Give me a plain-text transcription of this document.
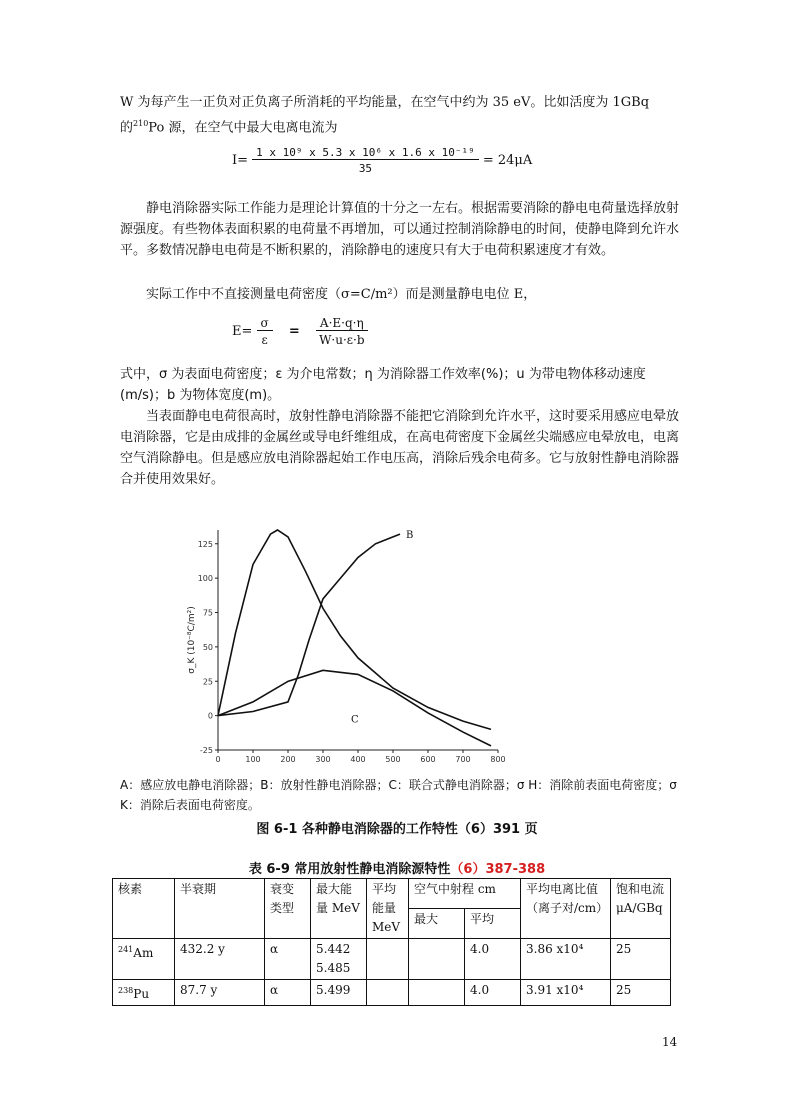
W 为每产生一正负对正负离子所消耗的平均能量，在空气中约为 35 eV。比如活度为 1GBq
的$^{210}$Po 源，在空气中最大电离电流为

$I= \frac{\text{1 x 10⁹ x 5.3 x 10⁶ x 1.6 x 10⁻¹⁹}}{35} = 24\mu A$

静电消除器实际工作能力是理论计算值的十分之一左右。根据需要消除的静电电荷量选择放射源强度。有些物体表面积累的电荷量不再增加，可以通过控制消除静电的时间，使静电降到允许水平。多数情况静电电荷是不断积累的，消除静电的速度只有大于电荷积累速度才有效。

实际工作中不直接测量电荷密度（σ=C/m²）而是测量静电电位 E，

$E= \frac{\sigma}{\varepsilon} = \frac{A\cdot E\cdot q\cdot\eta}{W\cdot u\cdot\varepsilon\cdot b}$

式中，σ 为表面电荷密度；ε 为介电常数；η 为消除器工作效率(%)；u 为带电物体移动速度(m/s)；b 为物体宽度(m)。

当表面静电电荷很高时，放射性静电消除器不能把它消除到允许水平，这时要采用感应电晕放电消除器，它是由成排的金属丝或导电纤维组成，在高电荷密度下金属丝尖端感应电晕放电，电离空气消除静电。但是感应放电消除器起始工作电压高，消除后残余电荷多。它与放射性静电消除器合并使用效果好。

0	100 200 300 400 500 600 700 800
-25
0
25
50
75
100
125
σ_K (10⁻⁸C/m²)
B
C
A：感应放电静电消除器；B：放射性静电消除器；C：联合式静电消除器；σ H：消除前表面电荷密度；σ K：消除后表面电荷密度。
图 6-1 各种静电消除器的工作特性（6）391 页
表 6-9 常用放射性静电消除源特性（6）387-388
核素	半衰期	衰变类型	最大能量 MeV	平均能量 MeV	空气中射程 cm		平均电离比值（离子对/cm）	饱和电流 μA/GBq
					最大	平均		
$^{241}$Am	432.2 y	α	5.442 5.485			4.0	3.86 x10⁴	25
$^{238}$Pu	87.7 y	α	5.499			4.0	3.91 x10⁴	25
14
